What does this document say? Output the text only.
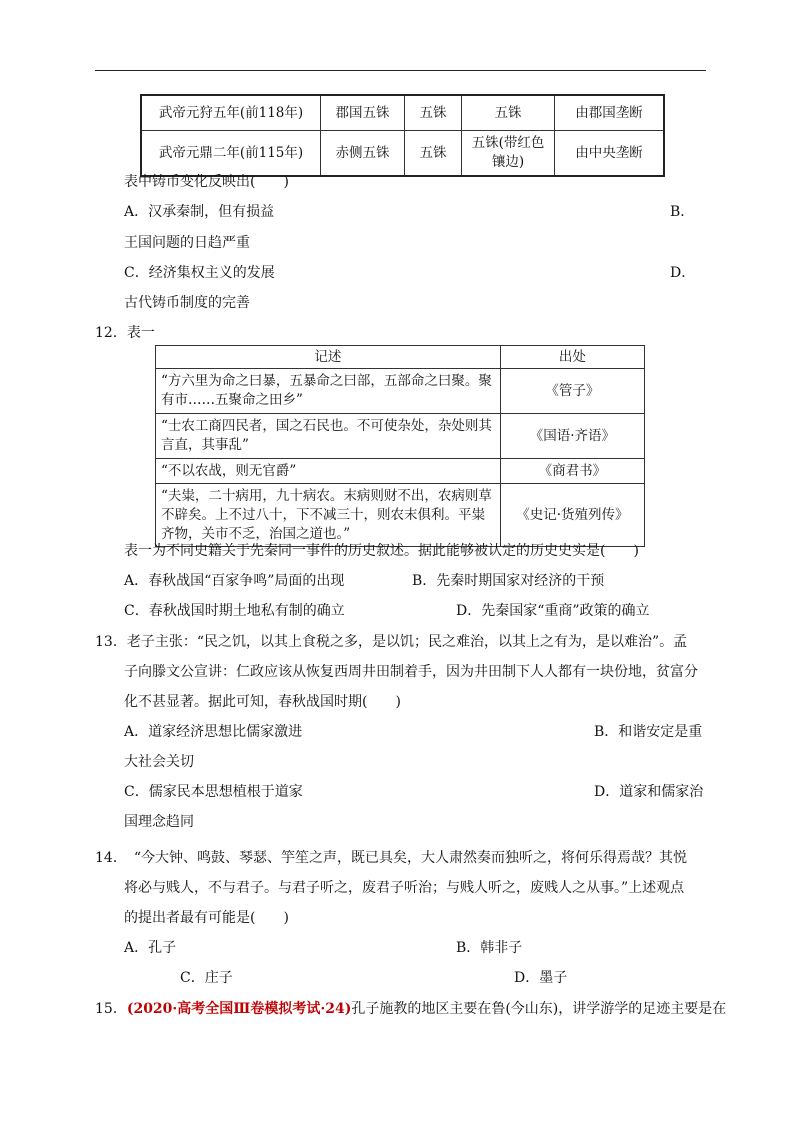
武帝元狩五年(前118年)	郡国五铢	五铢	五铢	由郡国垄断
武帝元鼎二年(前115年)	赤侧五铢	五铢	五铢(带红色镶边)	由中央垄断
表中铸币变化反映出(　　)
A．汉承秦制，但有损益	B．
王国问题的日趋严重
C．经济集权主义的发展	D．
古代铸币制度的完善
12．表一
记述	出处
“方六里为命之曰暴，五暴命之曰部，五部命之曰聚。聚有市……五聚命之田乡”	《管子》
“士农工商四民者，国之石民也。不可使杂处，杂处则其言直，其事乱”	《国语·齐语》
“不以农战，则无官爵”	《商君书》
“夫粜，二十病用，九十病农。末病则财不出，农病则草不辟矣。上不过八十，下不减三十，则农末俱利。平粜齐物，关市不乏，治国之道也。”	《史记·货殖列传》
表一为不同史籍关于先秦同一事件的历史叙述。据此能够被认定的历史史实是(　　)
A．春秋战国“百家争鸣”局面的出现	B．先秦时期国家对经济的干预
C．春秋战国时期土地私有制的确立	D．先秦国家“重商”政策的确立
13．老子主张：“民之饥，以其上食税之多，是以饥；民之难治，以其上之有为，是以难治”。孟
子向滕文公宣讲：仁政应该从恢复西周井田制着手，因为井田制下人人都有一块份地，贫富分
化不甚显著。据此可知，春秋战国时期(　　)
A．道家经济思想比儒家激进	B．和谐安定是重
大社会关切
C．儒家民本思想植根于道家	D．道家和儒家治
国理念趋同
14．　“今大钟、鸣鼓、琴瑟、竽笙之声，既已具矣，大人肃然奏而独听之，将何乐得焉哉？其悦
将必与贱人，不与君子。与君子听之，废君子听治；与贱人听之，废贱人之从事。”上述观点
的提出者最有可能是(　　)
A．孔子	B．韩非子
C．庄子	D．墨子
15．(2020·高考全国Ⅲ卷模拟考试·24)孔子施教的地区主要在鲁(今山东)，讲学游学的足迹主要是在
